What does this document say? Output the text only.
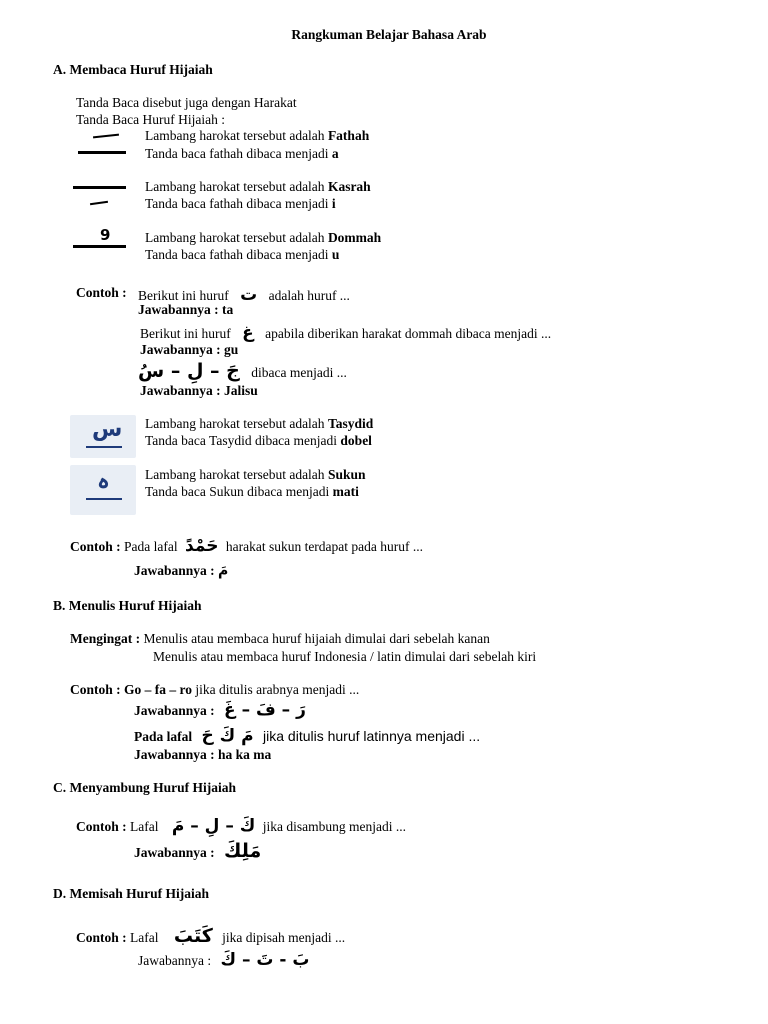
Rangkuman Belajar Bahasa Arab
A. Membaca Huruf Hijaiah
Tanda Baca disebut juga dengan Harakat
Tanda Baca Huruf Hijaiah :
Lambang harokat tersebut adalah Fathah
Tanda baca fathah dibaca menjadi a
Lambang harokat tersebut adalah Kasrah
Tanda baca fathah dibaca menjadi i
9	Lambang harokat tersebut adalah Dommah
Tanda baca fathah dibaca menjadi u
Contoh : Berikut ini huruf ت adalah huruf ...
Jawabannya : ta
Berikut ini huruf غ apabila diberikan harakat dommah dibaca menjadi ...
Jawabannya : gu
سُ – لِ – جَ dibaca menjadi ...
Jawabannya : Jalisu
س Lambang harokat tersebut adalah Tasydid
Tanda baca Tasydid dibaca menjadi dobel
ہ	Lambang harokat tersebut adalah Sukun
Tanda baca Sukun dibaca menjadi mati
Contoh : Pada lafal حَمْدً harakat sukun terdapat pada huruf ...
Jawabannya : مَ
B. Menulis Huruf Hijaiah
Mengingat : Menulis atau membaca huruf hijaiah dimulai dari sebelah kanan
Menulis atau membaca huruf Indonesia / latin dimulai dari sebelah kiri
Contoh : Go – fa – ro jika ditulis arabnya menjadi ...
Jawabannya : رَ – فَ – غَ
Pada lafal مَ كَ حَ jika ditulis huruf latinnya menjadi ...
Jawabannya : ha ka ma
C. Menyambung Huruf Hijaiah
Contoh : Lafal كَ – لِ – مَ jika disambung menjadi ...
Jawabannya : مَلِكَ
D. Memisah Huruf Hijaiah
Contoh : Lafal كَتَبَ jika dipisah menjadi ...
Jawabannya : بَ - تَ – كَ
